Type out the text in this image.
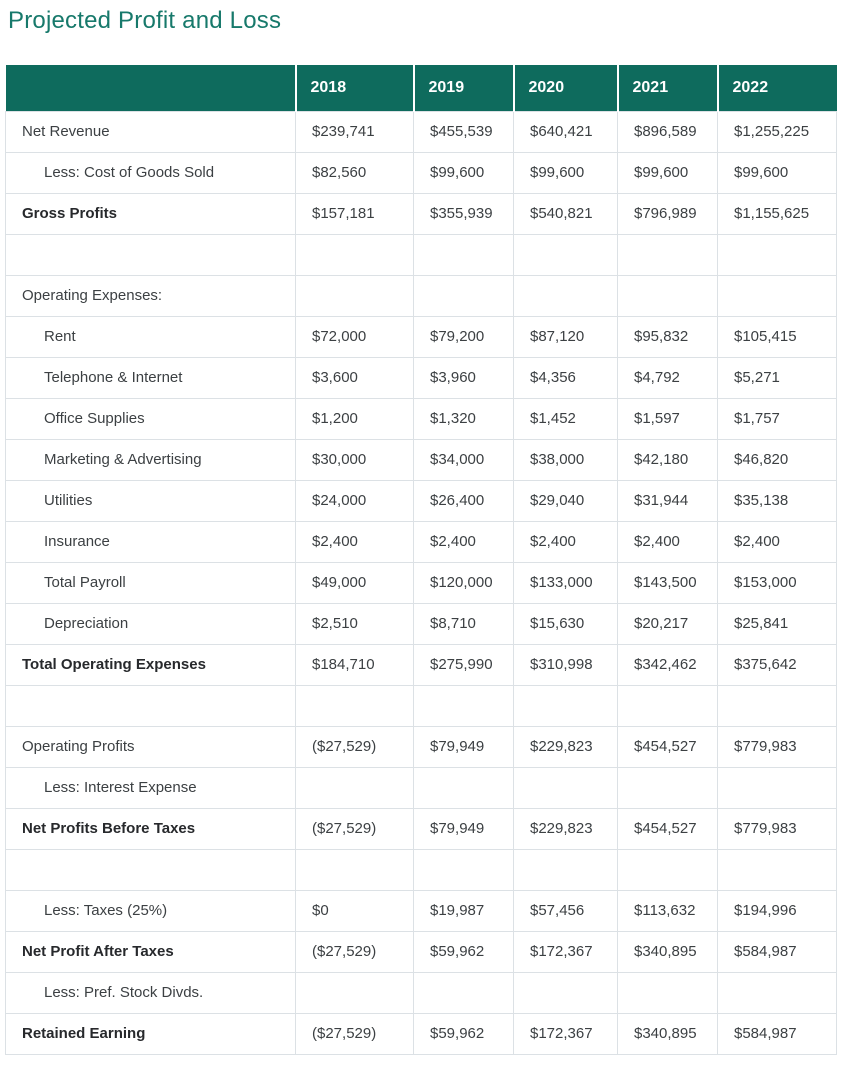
Projected Profit and Loss
	2018	2019	2020	2021	2022
Net Revenue	$239,741	$455,539	$640,421	$896,589	$1,255,225
Less: Cost of Goods Sold	$82,560	$99,600	$99,600	$99,600	$99,600
Gross Profits	$157,181	$355,939	$540,821	$796,989	$1,155,625

Operating Expenses:					
Rent	$72,000	$79,200	$87,120	$95,832	$105,415
Telephone & Internet	$3,600	$3,960	$4,356	$4,792	$5,271
Office Supplies	$1,200	$1,320	$1,452	$1,597	$1,757
Marketing & Advertising	$30,000	$34,000	$38,000	$42,180	$46,820
Utilities	$24,000	$26,400	$29,040	$31,944	$35,138
Insurance	$2,400	$2,400	$2,400	$2,400	$2,400
Total Payroll	$49,000	$120,000	$133,000	$143,500	$153,000
Depreciation	$2,510	$8,710	$15,630	$20,217	$25,841
Total Operating Expenses	$184,710	$275,990	$310,998	$342,462	$375,642

Operating Profits	($27,529)	$79,949	$229,823	$454,527	$779,983
Less: Interest Expense					
Net Profits Before Taxes	($27,529)	$79,949	$229,823	$454,527	$779,983

Less: Taxes (25%)	$0	$19,987	$57,456	$113,632	$194,996
Net Profit After Taxes	($27,529)	$59,962	$172,367	$340,895	$584,987
Less: Pref. Stock Divds.					
Retained Earning	($27,529)	$59,962	$172,367	$340,895	$584,987
